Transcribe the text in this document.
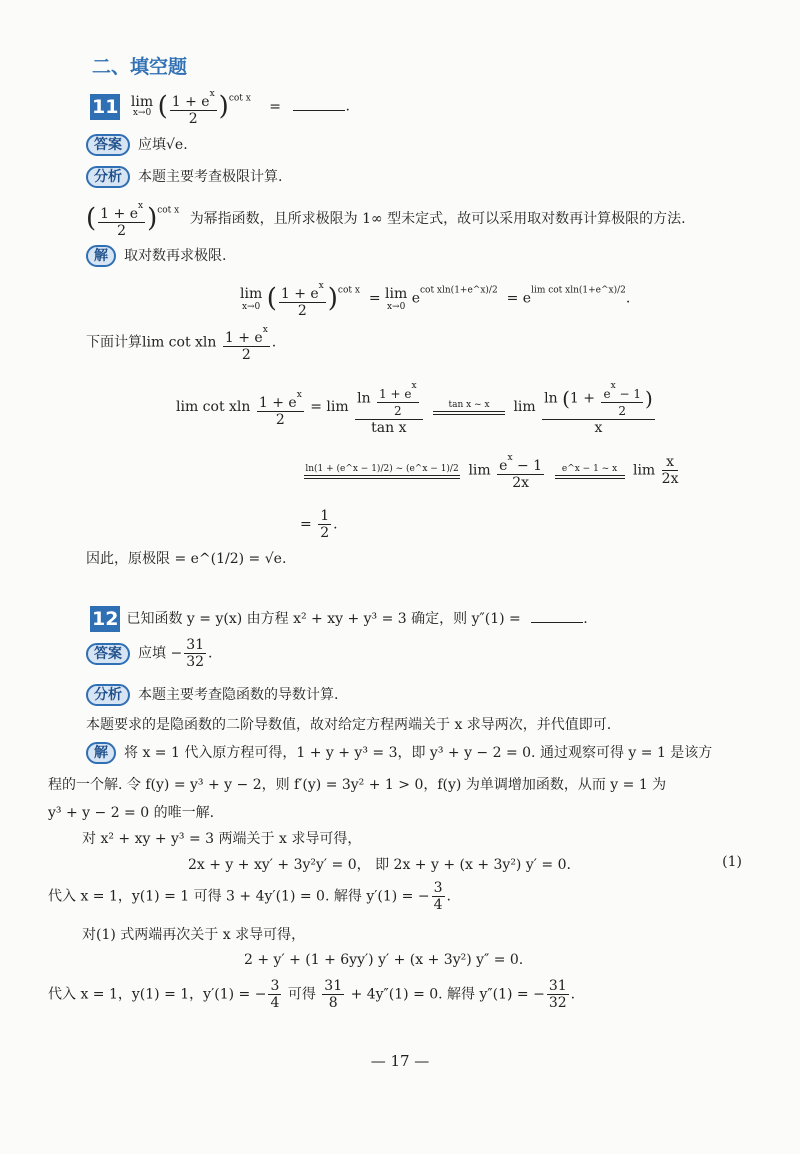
二、填空题
11 lim
x→0 ( $\frac{1 + e^x}{2} )^{cot x}$ =	.
答案 应填√e.
分析 本题主要考查极限计算.
( $\frac{1 + e^x}{2} )^{cot x}$ 为幂指函数，且所求极限为 1∞ 型未定式，故可以采用取对数再计算极限的方法.
解 取对数再求极限.
lim
x→0 ( $\frac{1 + e^x}{2} )^{cot x} = \lim$
x→0 $e^{cot xln(1+e\^{}x)/2} = e^{lim cot xln(1+e\^{}x)/2}$.
下面计算lim cot xln $\frac{1 + e^x}{2}$ .
lim cot xln $\frac{1 + e^x}{2} = \lim \frac{\ln \frac{1 + e^x}{2}}{\text{tan x}}$
	tan x ~ x	$\lim \frac{\ln (1 + \frac{e^x - 1}{2} )}{x}$
ln(1 + (e^x − 1)/2) ~ (e^x − 1)/2 $\lim \frac{e^x - 1}{2x}$
	e^x − 1 ~ x $\lim \frac{x}{2x}$
= $\frac{1}{2}$ .
因此，原极限 = e^(1/2) = √e.
12 已知函数 y = y(x) 由方程 x² + xy + y³ = 3 确定，则 y″(1) =	.
答案 应填 − $\frac{31}{32}$ .
分析 本题主要考查隐函数的导数计算.
本题要求的是隐函数的二阶导数值，故对给定方程两端关于 x 求导两次，并代值即可.
解 将 x = 1 代入原方程可得，1 + y + y³ = 3，即 y³ + y − 2 = 0. 通过观察可得 y = 1 是该方
程的一个解. 令 f(y) = y³ + y − 2，则 f′(y) = 3y² + 1 > 0，f(y) 为单调增加函数，从而 y = 1 为
y³ + y − 2 = 0 的唯一解.
对 x² + xy + y³ = 3 两端关于 x 求导可得，
2x + y + xy′ + 3y²y′ = 0， 即 2x + y + (x + 3y²) y′ = 0.	(1)
代入 x = 1，y(1) = 1 可得 3 + 4y′(1) = 0. 解得 y′(1) = − $\frac{3}{4}$ .
对(1) 式两端再次关于 x 求导可得，
2 + y′ + (1 + 6yy′) y′ + (x + 3y²) y″ = 0.
代入 x = 1，y(1) = 1，y′(1) = − $\frac{3}{4}$ 可得 $\frac{31}{8} + 4y''(1) = 0$. 解得 y″(1) = − $\frac{31}{32}$ .
— 17 —
